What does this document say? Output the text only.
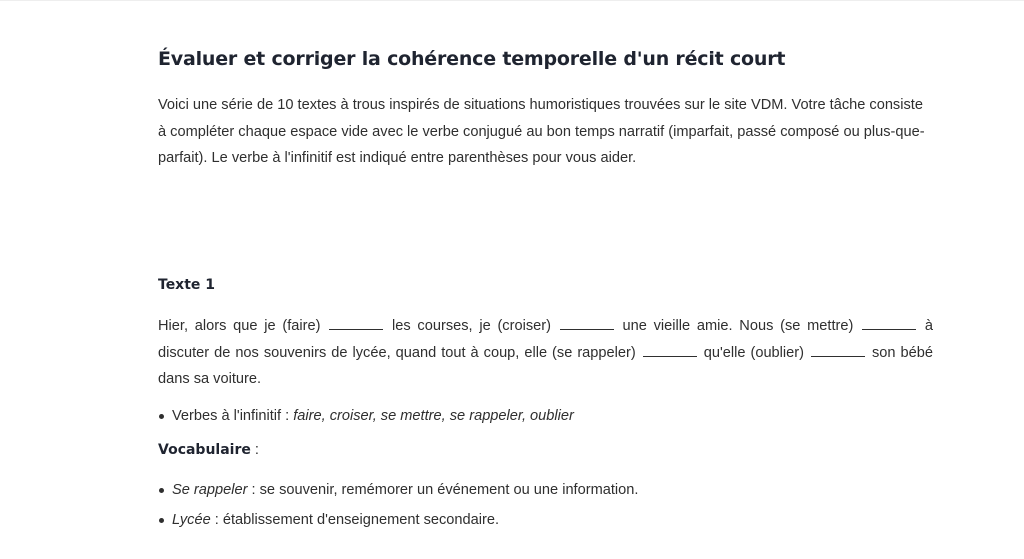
Évaluer et corriger la cohérence temporelle d'un récit court

Voici une série de 10 textes à trous inspirés de situations humoristiques trouvées sur le site VDM. Votre tâche consiste à compléter chaque espace vide avec le verbe conjugué au bon temps narratif (imparfait, passé composé ou plus-que-parfait). Le verbe à l'infinitif est indiqué entre parenthèses pour vous aider.

Texte 1

Hier, alors que je (faire)	les courses, je (croiser)	une vieille amie. Nous (se mettre)	à discuter de nos souvenirs de lycée, quand tout à coup, elle (se rappeler)	qu'elle (oublier)	son bébé dans sa voiture.

Verbes à l'infinitif : faire, croiser, se mettre, se rappeler, oublier

Vocabulaire :

Se rappeler : se souvenir, remémorer un événement ou une information.
Lycée : établissement d'enseignement secondaire.
